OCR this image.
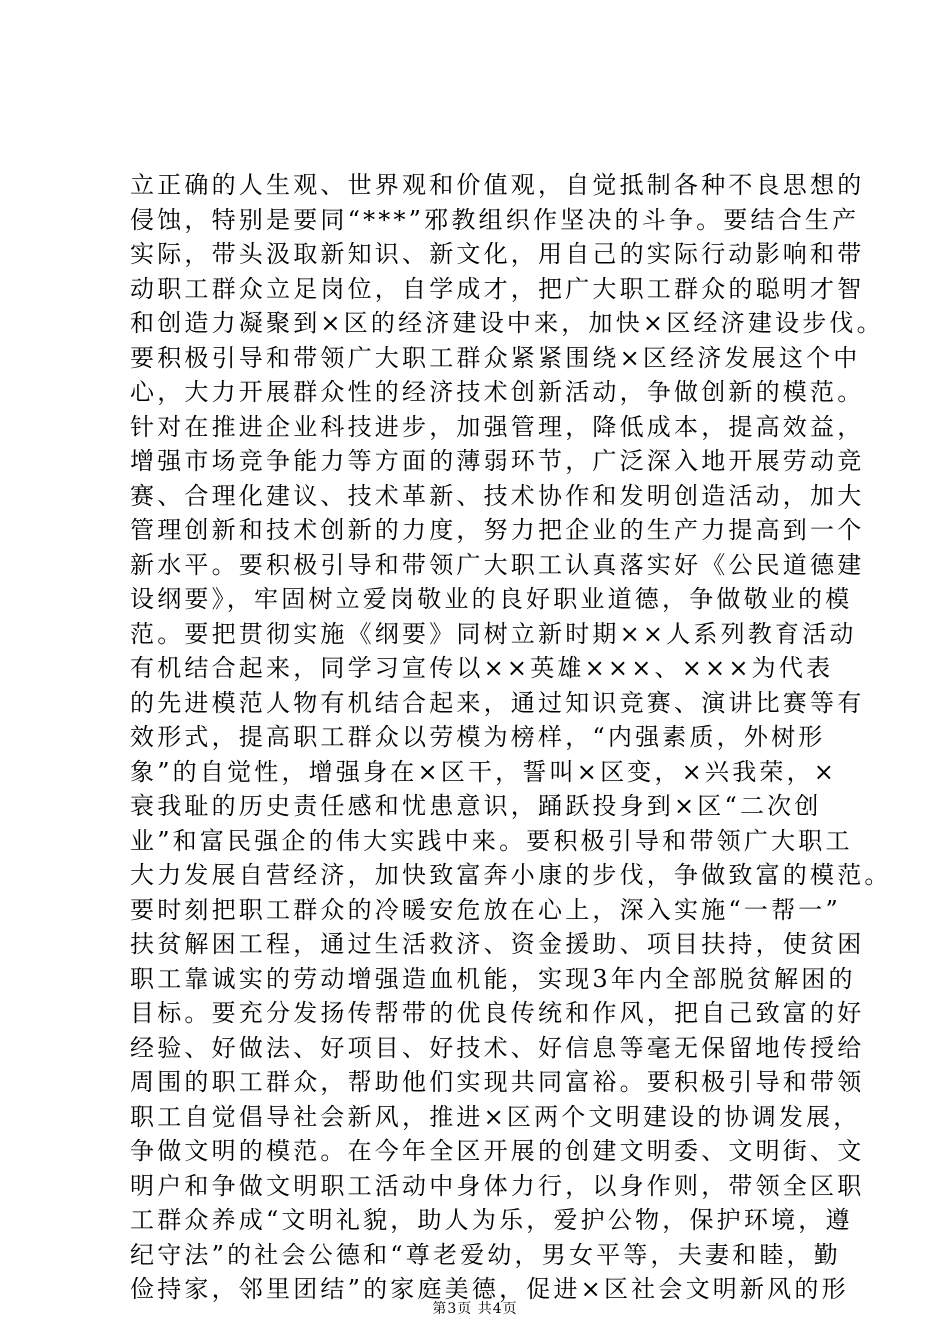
立正确的人生观、世界观和价值观，自觉抵制各种不良思想的
侵蚀，特别是要同“***”邪教组织作坚决的斗争。要结合生产
实际，带头汲取新知识、新文化，用自己的实际行动影响和带
动职工群众立足岗位，自学成才，把广大职工群众的聪明才智
和创造力凝聚到×区的经济建设中来，加快×区经济建设步伐。
要积极引导和带领广大职工群众紧紧围绕×区经济发展这个中
心，大力开展群众性的经济技术创新活动，争做创新的模范。
针对在推进企业科技进步，加强管理，降低成本，提高效益，
增强市场竞争能力等方面的薄弱环节，广泛深入地开展劳动竞
赛、合理化建议、技术革新、技术协作和发明创造活动，加大
管理创新和技术创新的力度，努力把企业的生产力提高到一个
新水平。要积极引导和带领广大职工认真落实好《公民道德建
设纲要》，牢固树立爱岗敬业的良好职业道德，争做敬业的模
范。要把贯彻实施《纲要》同树立新时期××人系列教育活动
有机结合起来，同学习宣传以××英雄×××、×××为代表
的先进模范人物有机结合起来，通过知识竞赛、演讲比赛等有
效形式，提高职工群众以劳模为榜样，“内强素质，外树形
象”的自觉性，增强身在×区干，誓叫×区变，×兴我荣，×
衰我耻的历史责任感和忧患意识，踊跃投身到×区“二次创
业”和富民强企的伟大实践中来。要积极引导和带领广大职工
大力发展自营经济，加快致富奔小康的步伐，争做致富的模范。
要时刻把职工群众的冷暖安危放在心上，深入实施“一帮一”
扶贫解困工程，通过生活救济、资金援助、项目扶持，使贫困
职工靠诚实的劳动增强造血机能，实现3年内全部脱贫解困的
目标。要充分发扬传帮带的优良传统和作风，把自己致富的好
经验、好做法、好项目、好技术、好信息等毫无保留地传授给
周围的职工群众，帮助他们实现共同富裕。要积极引导和带领
职工自觉倡导社会新风，推进×区两个文明建设的协调发展，
争做文明的模范。在今年全区开展的创建文明委、文明街、文
明户和争做文明职工活动中身体力行，以身作则，带领全区职
工群众养成“文明礼貌，助人为乐，爱护公物，保护环境，遵
纪守法”的社会公德和“尊老爱幼，男女平等，夫妻和睦，勤
俭持家，邻里团结”的家庭美德，促进×区社会文明新风的形
第3页 共4页
